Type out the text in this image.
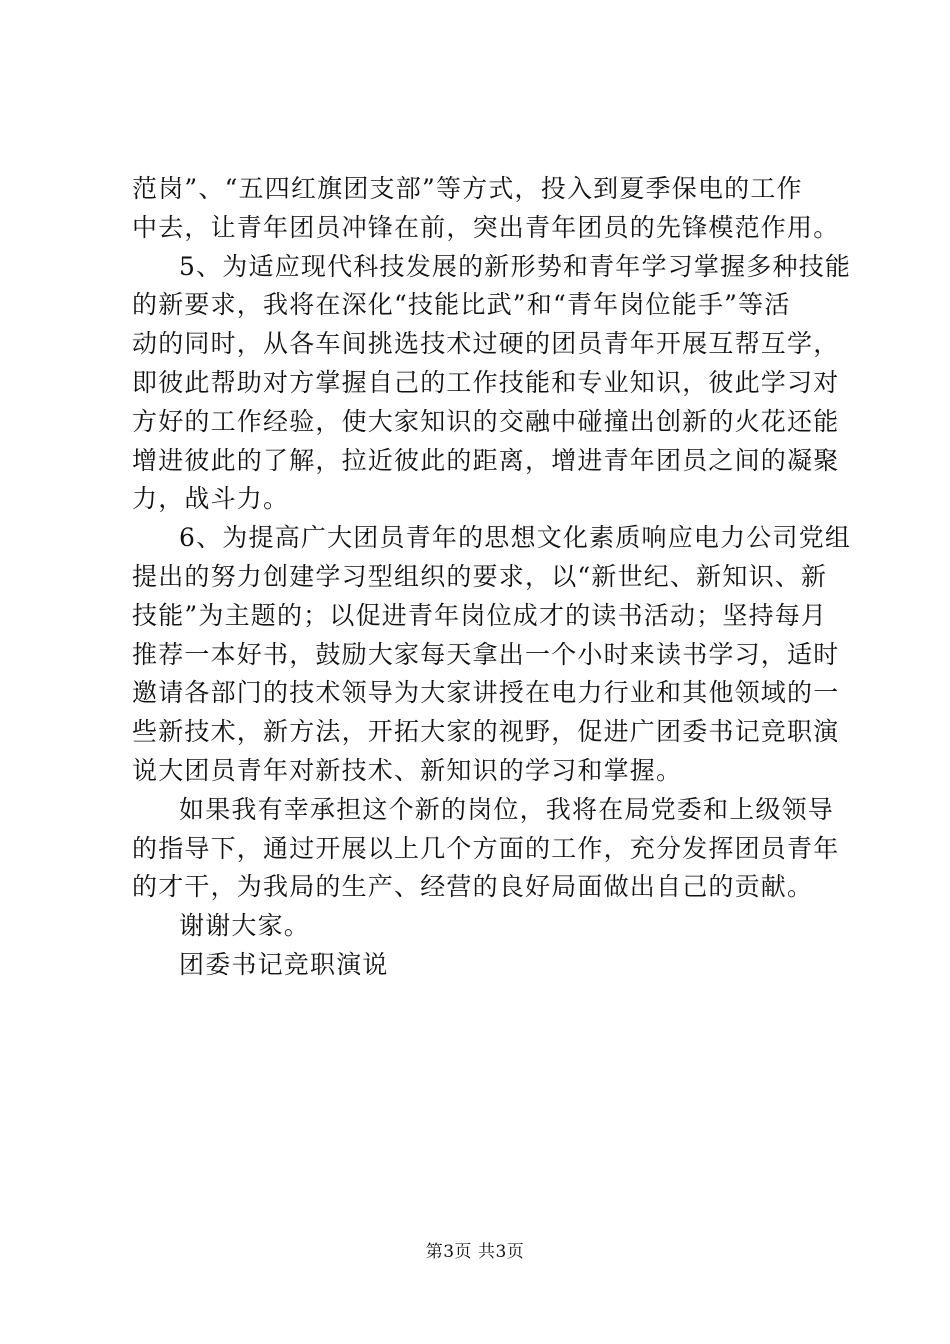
范岗”、“五四红旗团支部”等方式，投入到夏季保电的工作
中去，让青年团员冲锋在前，突出青年团员的先锋模范作用。
5、为适应现代科技发展的新形势和青年学习掌握多种技能
的新要求，我将在深化“技能比武”和“青年岗位能手”等活
动的同时，从各车间挑选技术过硬的团员青年开展互帮互学，
即彼此帮助对方掌握自己的工作技能和专业知识，彼此学习对
方好的工作经验，使大家知识的交融中碰撞出创新的火花还能
增进彼此的了解，拉近彼此的距离，增进青年团员之间的凝聚
力，战斗力。
6、为提高广大团员青年的思想文化素质响应电力公司党组
提出的努力创建学习型组织的要求，以“新世纪、新知识、新
技能”为主题的；以促进青年岗位成才的读书活动；坚持每月
推荐一本好书，鼓励大家每天拿出一个小时来读书学习，适时
邀请各部门的技术领导为大家讲授在电力行业和其他领域的一
些新技术，新方法，开拓大家的视野，促进广团委书记竞职演
说大团员青年对新技术、新知识的学习和掌握。
如果我有幸承担这个新的岗位，我将在局党委和上级领导
的指导下，通过开展以上几个方面的工作，充分发挥团员青年
的才干，为我局的生产、经营的良好局面做出自己的贡献。
谢谢大家。
团委书记竞职演说
第3页 共3页
